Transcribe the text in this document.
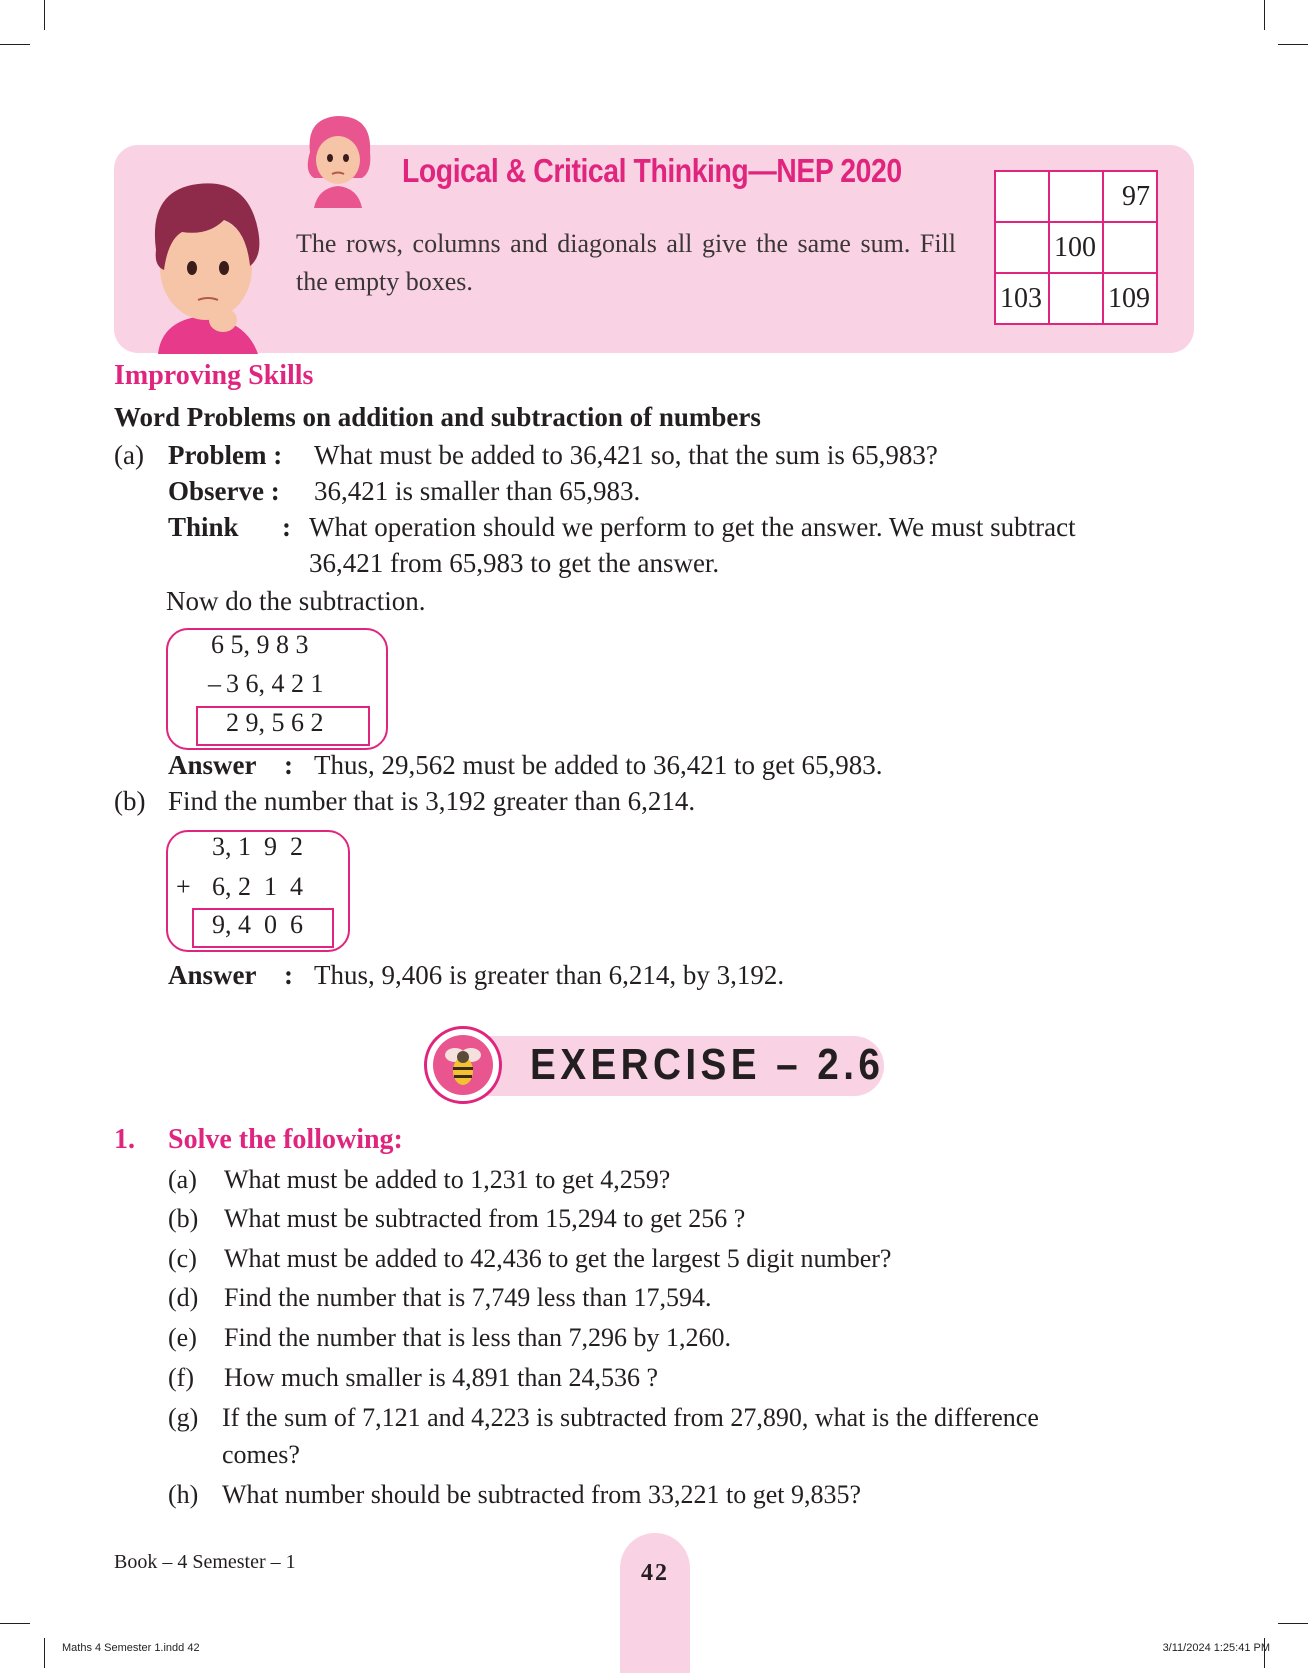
Logical & Critical Thinking—NEP 2020
The rows, columns and diagonals all give the same sum. Fill the empty boxes.
		97
	100	
103		109
Improving Skills
Word Problems on addition and subtraction of numbers
(a) Problem : What must be added to 36,421 so, that the sum is 65,983?
Observe : 36,421 is smaller than 65,983.
Think : What operation should we perform to get the answer. We must subtract
36,421 from 65,983 to get the answer.
Now do the subtraction.
6 5, 9 8 3
– 3 6, 4 2 1
2 9, 5 6 2
Answer : Thus, 29,562 must be added to 36,421 to get 65,983.
(b) Find the number that is 3,192 greater than 6,214.
3, 1  9  2
+ 6, 2  1  4
9, 4  0  6
Answer : Thus, 9,406 is greater than 6,214, by 3,192.
EXERCISE – 2.6
1. Solve the following:
(a) What must be added to 1,231 to get 4,259?
(b) What must be subtracted from 15,294 to get 256 ?
(c) What must be added to 42,436 to get the largest 5 digit number?
(d) Find the number that is 7,749 less than 17,594.
(e) Find the number that is less than 7,296 by 1,260.
(f) How much smaller is 4,891 than 24,536 ?
(g) If the sum of 7,121 and 4,223 is subtracted from 27,890, what is the difference
comes?
(h) What number should be subtracted from 33,221 to get 9,835?
42
Book – 4 Semester – 1
Maths 4 Semester 1.indd 42	3/11/2024 1:25:41 PM
